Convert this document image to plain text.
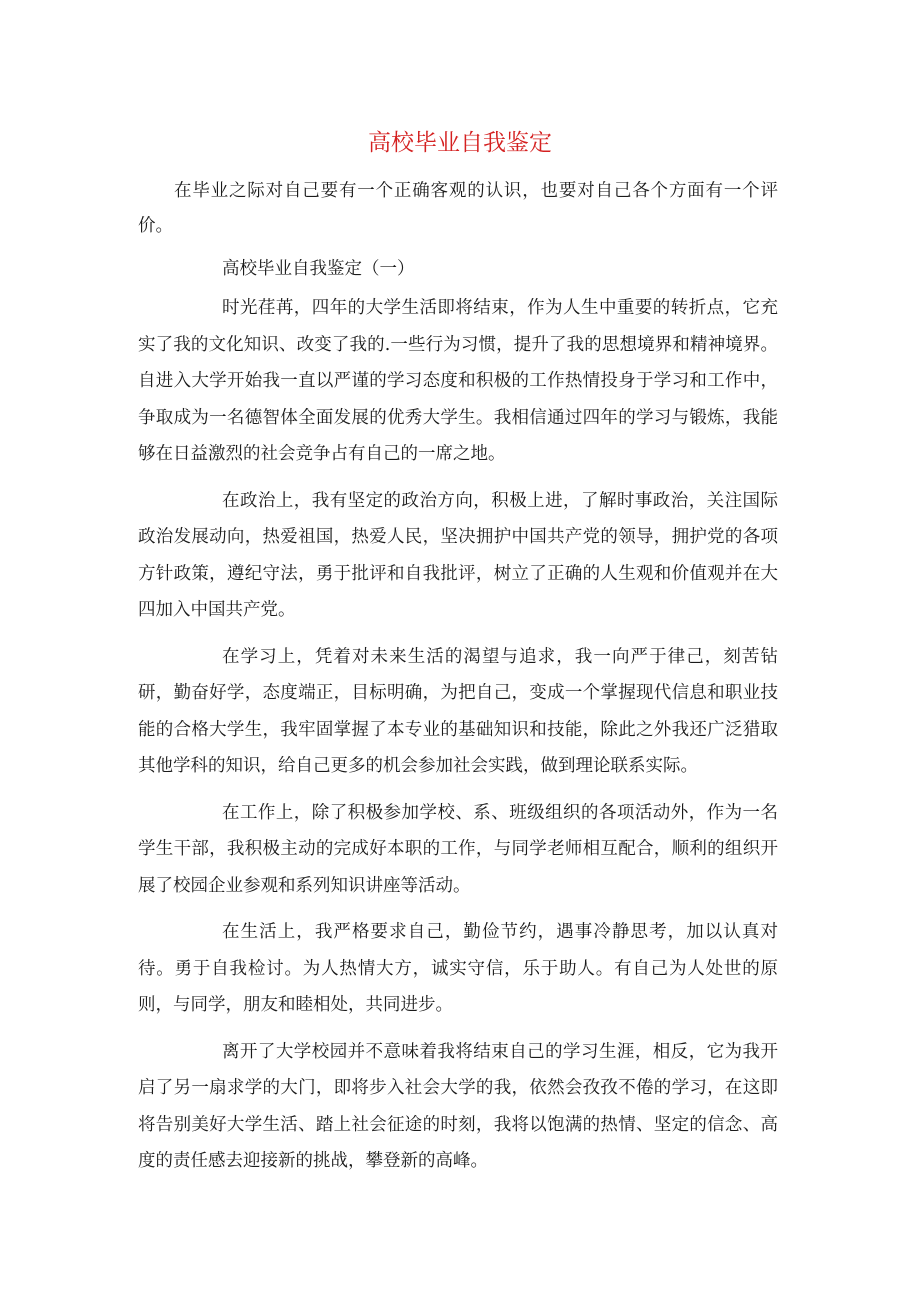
高校毕业自我鉴定

在毕业之际对自己要有一个正确客观的认识，也要对自己各个方面有一个评价。

高校毕业自我鉴定（一）

时光荏苒，四年的大学生活即将结束，作为人生中重要的转折点，它充实了我的文化知识、改变了我的.一些行为习惯，提升了我的思想境界和精神境界。自进入大学开始我一直以严谨的学习态度和积极的工作热情投身于学习和工作中，争取成为一名德智体全面发展的优秀大学生。我相信通过四年的学习与锻炼，我能够在日益激烈的社会竞争占有自己的一席之地。

在政治上，我有坚定的政治方向，积极上进，了解时事政治，关注国际政治发展动向，热爱祖国，热爱人民，坚决拥护中国共产党的领导，拥护党的各项方针政策，遵纪守法，勇于批评和自我批评，树立了正确的人生观和价值观并在大四加入中国共产党。

在学习上，凭着对未来生活的渴望与追求，我一向严于律己，刻苦钻研，勤奋好学，态度端正，目标明确，为把自己，变成一个掌握现代信息和职业技能的合格大学生，我牢固掌握了本专业的基础知识和技能，除此之外我还广泛猎取其他学科的知识，给自己更多的机会参加社会实践，做到理论联系实际。

在工作上，除了积极参加学校、系、班级组织的各项活动外，作为一名学生干部，我积极主动的完成好本职的工作，与同学老师相互配合，顺利的组织开展了校园企业参观和系列知识讲座等活动。

在生活上，我严格要求自己，勤俭节约，遇事冷静思考，加以认真对待。勇于自我检讨。为人热情大方，诚实守信，乐于助人。有自己为人处世的原则，与同学，朋友和睦相处，共同进步。

离开了大学校园并不意味着我将结束自己的学习生涯，相反，它为我开启了另一扇求学的大门，即将步入社会大学的我，依然会孜孜不倦的学习，在这即将告别美好大学生活、踏上社会征途的时刻，我将以饱满的热情、坚定的信念、高度的责任感去迎接新的挑战，攀登新的高峰。
